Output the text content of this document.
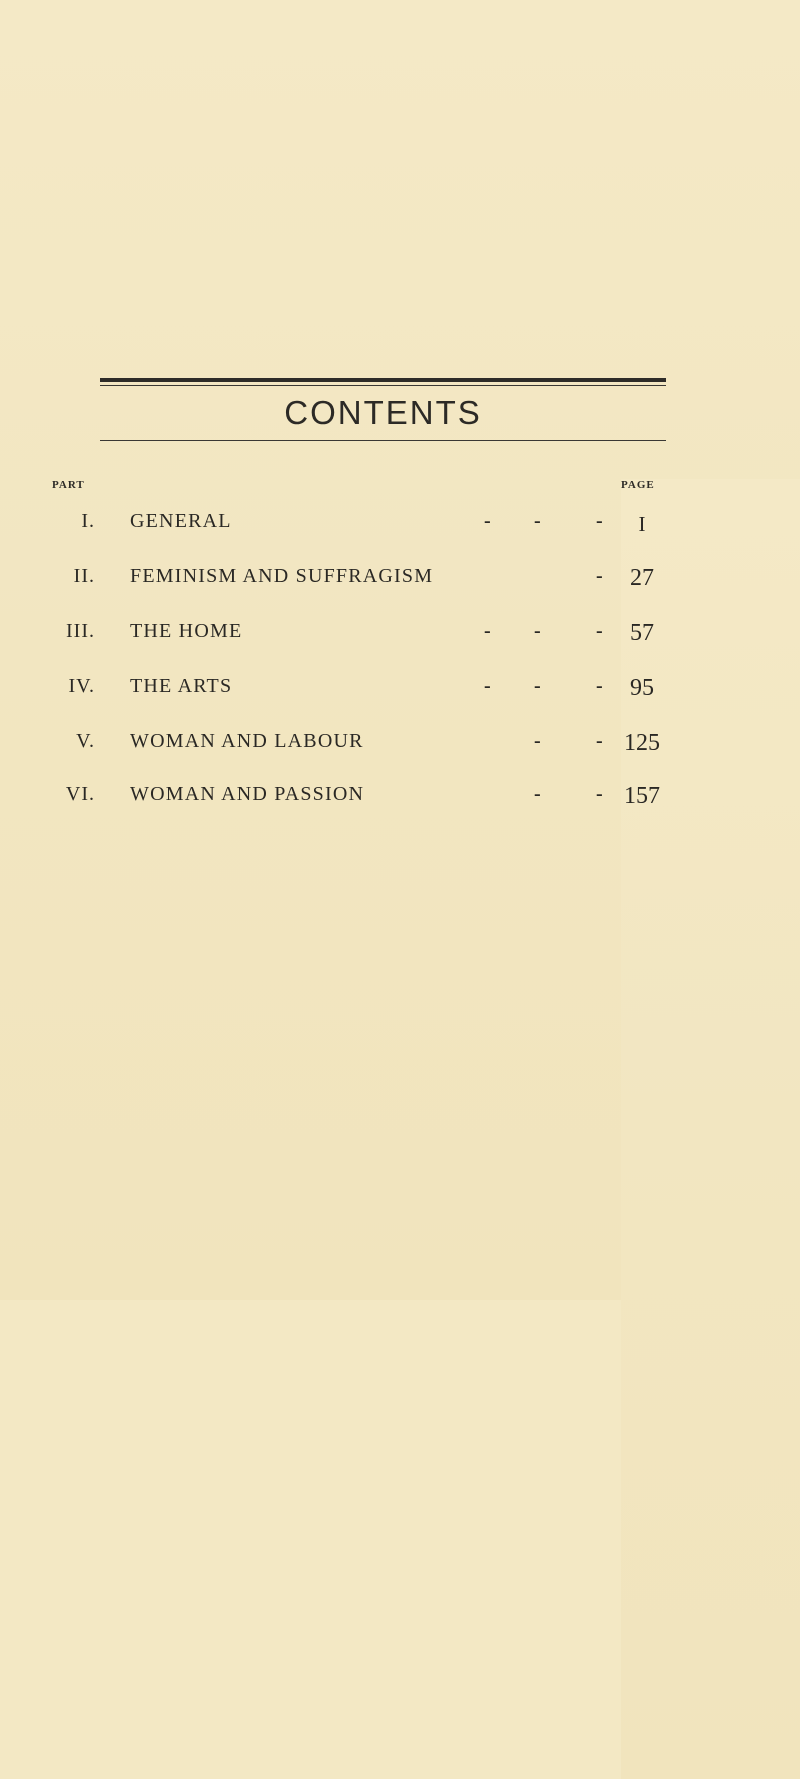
CONTENTS
PART	PAGE
I. GENERAL	- -	-	I
II. FEMINISM AND SUFFRAGISM	-	27
III. THE HOME	- -	-	57
IV. THE ARTS	- -	-	95
V. WOMAN AND LABOUR	-	- 125
VI. WOMAN AND PASSION	-	- 157
